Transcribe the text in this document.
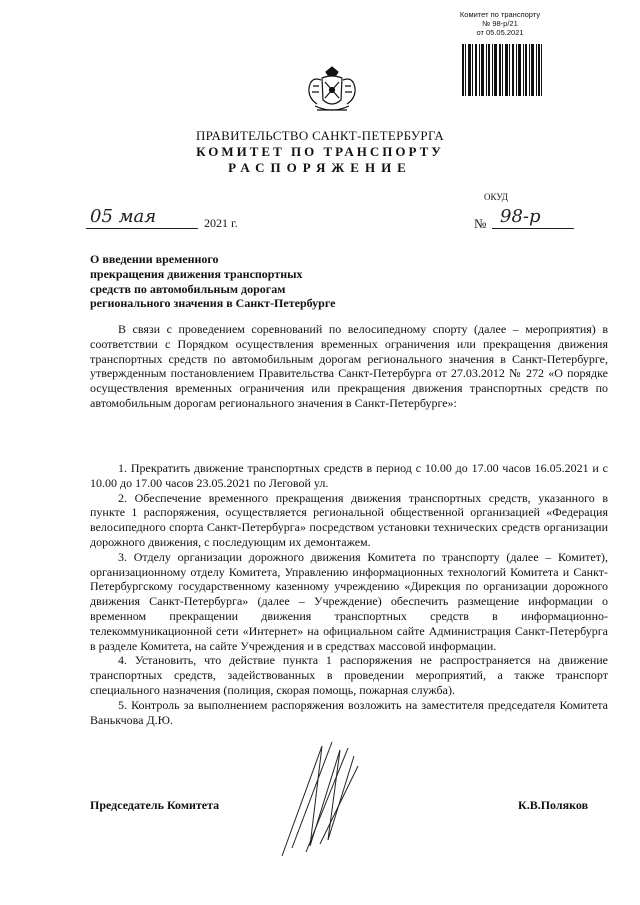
Комитет по транспорту
№ 98-р/21
от 05.05.2021
ПРАВИТЕЛЬСТВО САНКТ-ПЕТЕРБУРГА
КОМИТЕТ ПО ТРАНСПОРТУ
РАСПОРЯЖЕНИЕ
ОКУД
05 мая	2021 г.	№ 98-р
О введении временного
прекращения движения транспортных
средств по автомобильным дорогам
регионального значения в Санкт-Петербурге

В связи с проведением соревнований по велосипедному спорту (далее – мероприятия) в соответствии с Порядком осуществления временных ограничения или прекращения движения транспортных средств по автомобильным дорогам регионального значения в Санкт-Петербурге, утвержденным постановлением Правительства Санкт-Петербурга от 27.03.2012 № 272 «О порядке осуществления временных ограничения или прекращения движения транспортных средств по автомобильным дорогам регионального значения в Санкт-Петербурге»:

1. Прекратить движение транспортных средств в период с 10.00 до 17.00 часов 16.05.2021 и с 10.00 до 17.00 часов 23.05.2021 по Леговой ул.

2. Обеспечение временного прекращения движения транспортных средств, указанного в пункте 1 распоряжения, осуществляется региональной общественной организацией «Федерация велосипедного спорта Санкт-Петербурга» посредством установки технических средств организации дорожного движения, с последующим их демонтажем.

3. Отделу организации дорожного движения Комитета по транспорту (далее – Комитет), организационному отделу Комитета, Управлению информационных технологий Комитета и Санкт-Петербургскому государственному казенному учреждению «Дирекция по организации дорожного движения Санкт-Петербурга» (далее – Учреждение) обеспечить размещение информации о временном прекращении движения транспортных средств в информационно-телекоммуникационной сети «Интернет» на официальном сайте Администрация Санкт-Петербурга в разделе Комитета, на сайте Учреждения и в средствах массовой информации.

4. Установить, что действие пункта 1 распоряжения не распространяется на движение транспортных средств, задействованных в проведении мероприятий, а также транспорт специального назначения (полиция, скорая помощь, пожарная служба).

5. Контроль за выполнением распоряжения возложить на заместителя председателя Комитета Ванькчова Д.Ю.

Председатель Комитета	К.В.Поляков
